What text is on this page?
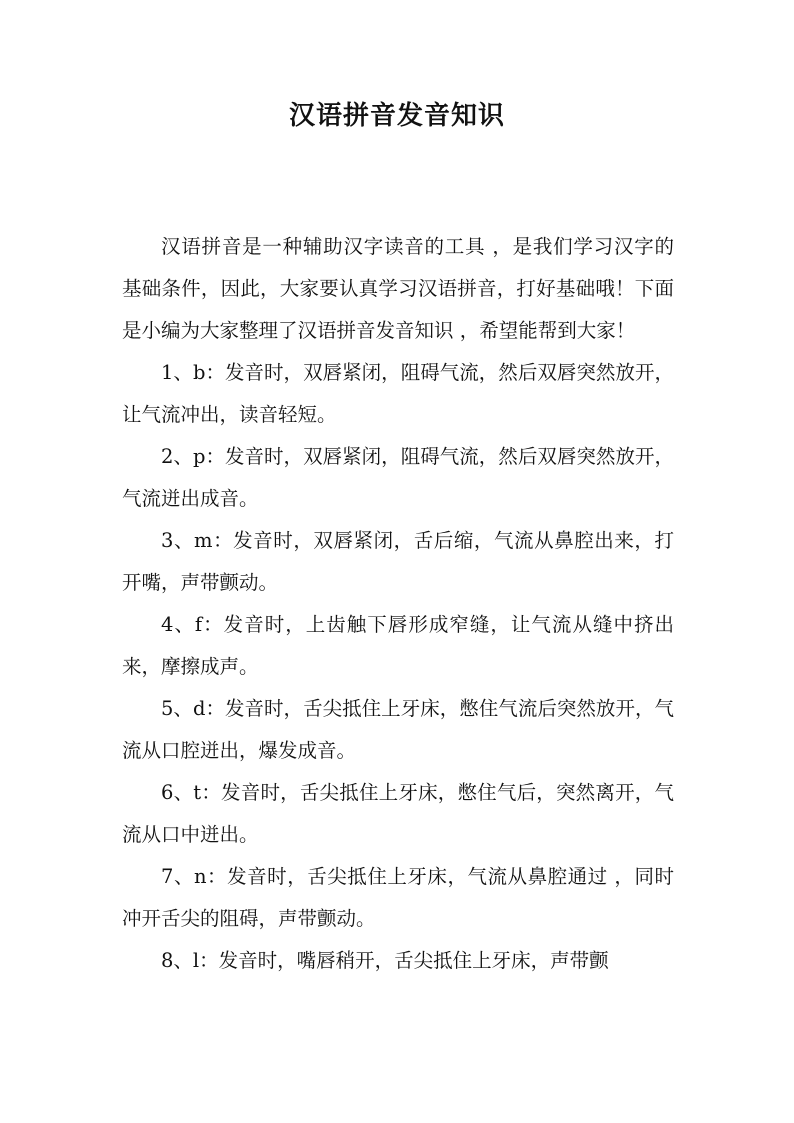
汉语拼音发音知识

汉语拼音是一种辅助汉字读音的工具 ，是我们学习汉字的基础条件，因此，大家要认真学习汉语拼音，打好基础哦！下面是小编为大家整理了汉语拼音发音知识 ，希望能帮到大家！

1、b：发音时，双唇紧闭，阻碍气流，然后双唇突然放开，让气流冲出，读音轻短。

2、p：发音时，双唇紧闭，阻碍气流，然后双唇突然放开，气流迸出成音。

3、m：发音时，双唇紧闭，舌后缩，气流从鼻腔出来，打开嘴，声带颤动。

4、f：发音时，上齿触下唇形成窄缝，让气流从缝中挤出来，摩擦成声。

5、d：发音时，舌尖抵住上牙床，憋住气流后突然放开，气流从口腔迸出，爆发成音。

6、t：发音时，舌尖抵住上牙床，憋住气后，突然离开，气流从口中迸出。

7、n：发音时，舌尖抵住上牙床，气流从鼻腔通过 ，同时冲开舌尖的阻碍，声带颤动。

8、l：发音时，嘴唇稍开，舌尖抵住上牙床，声带颤
